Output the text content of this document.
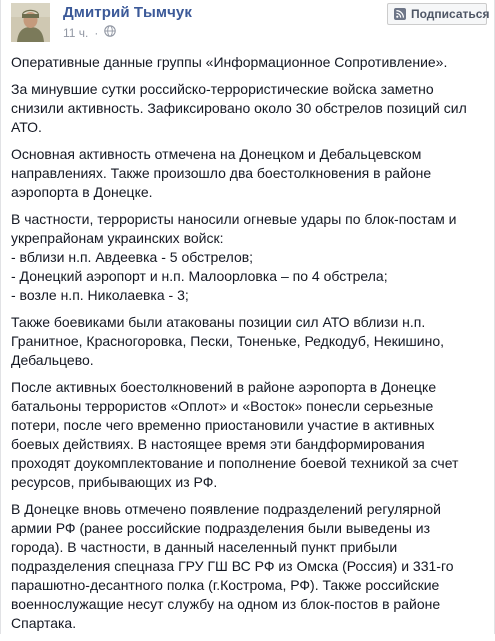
Дмитрий Тымчук
11 ч. ·
Подписаться

Оперативные данные группы «Информационное Сопротивление».

За минувшие сутки российско-террористические войска заметно снизили активность. Зафиксировано около 30 обстрелов позиций сил АТО.

Основная активность отмечена на Донецком и Дебальцевском направлениях. Также произошло два боестолкновения в районе аэропорта в Донецке.

В частности, террористы наносили огневые удары по блок-постам и укрепрайонам украинских войск:

- вблизи н.п. Авдеевка - 5 обстрелов;

- Донецкий аэропорт и н.п. Малоорловка – по 4 обстрела;

- возле н.п. Николаевка - 3;

Также боевиками были атакованы позиции сил АТО вблизи н.п. Гранитное, Красногоровка, Пески, Тоненьке, Редкодуб, Некишино, Дебальцево.

После активных боестолкновений в районе аэропорта в Донецке батальоны террористов «Оплот» и «Восток» понесли серьезные потери, после чего временно приостановили участие в активных боевых действиях. В настоящее время эти бандформирования проходят доукомплектование и пополнение боевой техникой за счет ресурсов, прибывающих из РФ.

В Донецке вновь отмечено появление подразделений регулярной армии РФ (ранее российские подразделения были выведены из города). В частности, в данный населенный пункт прибыли подразделения спецназа ГРУ ГШ ВС РФ из Омска (Россия) и 331-го парашютно-десантного полка (г.Кострома, РФ). Также российские военнослужащие несут службу на одном из блок-постов в районе Спартака.
